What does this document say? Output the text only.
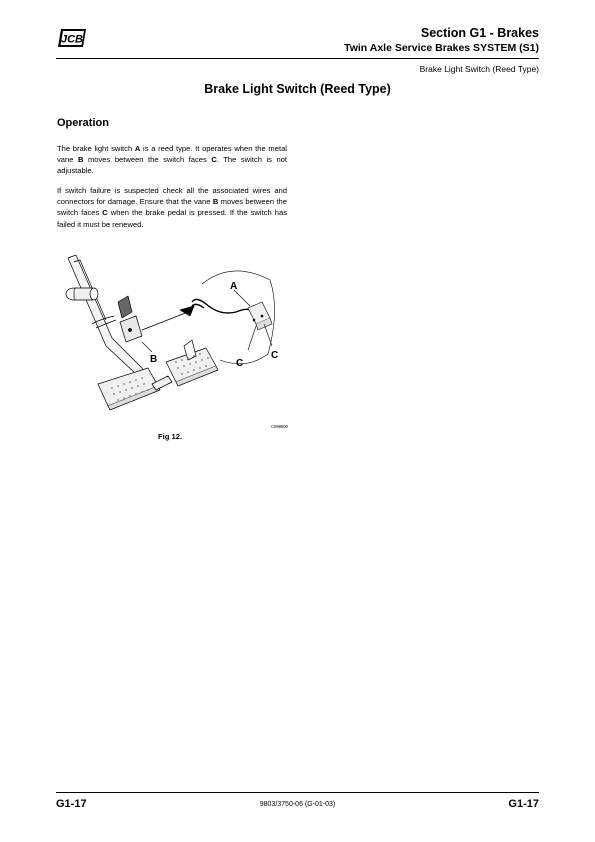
JCB	Section G1 - Brakes
Twin Axle Service Brakes SYSTEM (S1)
Brake Light Switch (Reed Type)
Brake Light Switch (Reed Type)
Operation
The brake light switch A is a reed type. It operates when the metal vane B moves between the switch faces C. The switch is not adjustable.
If switch failure is suspected check all the associated wires and connectors for damage. Ensure that the vane B moves between the switch faces C when the brake pedal is pressed. If the switch has failed it must be renewed.
A
B	C
C
C089500
Fig 12.
G1-17	9803/3750-06 (G-01-03)	G1-17
